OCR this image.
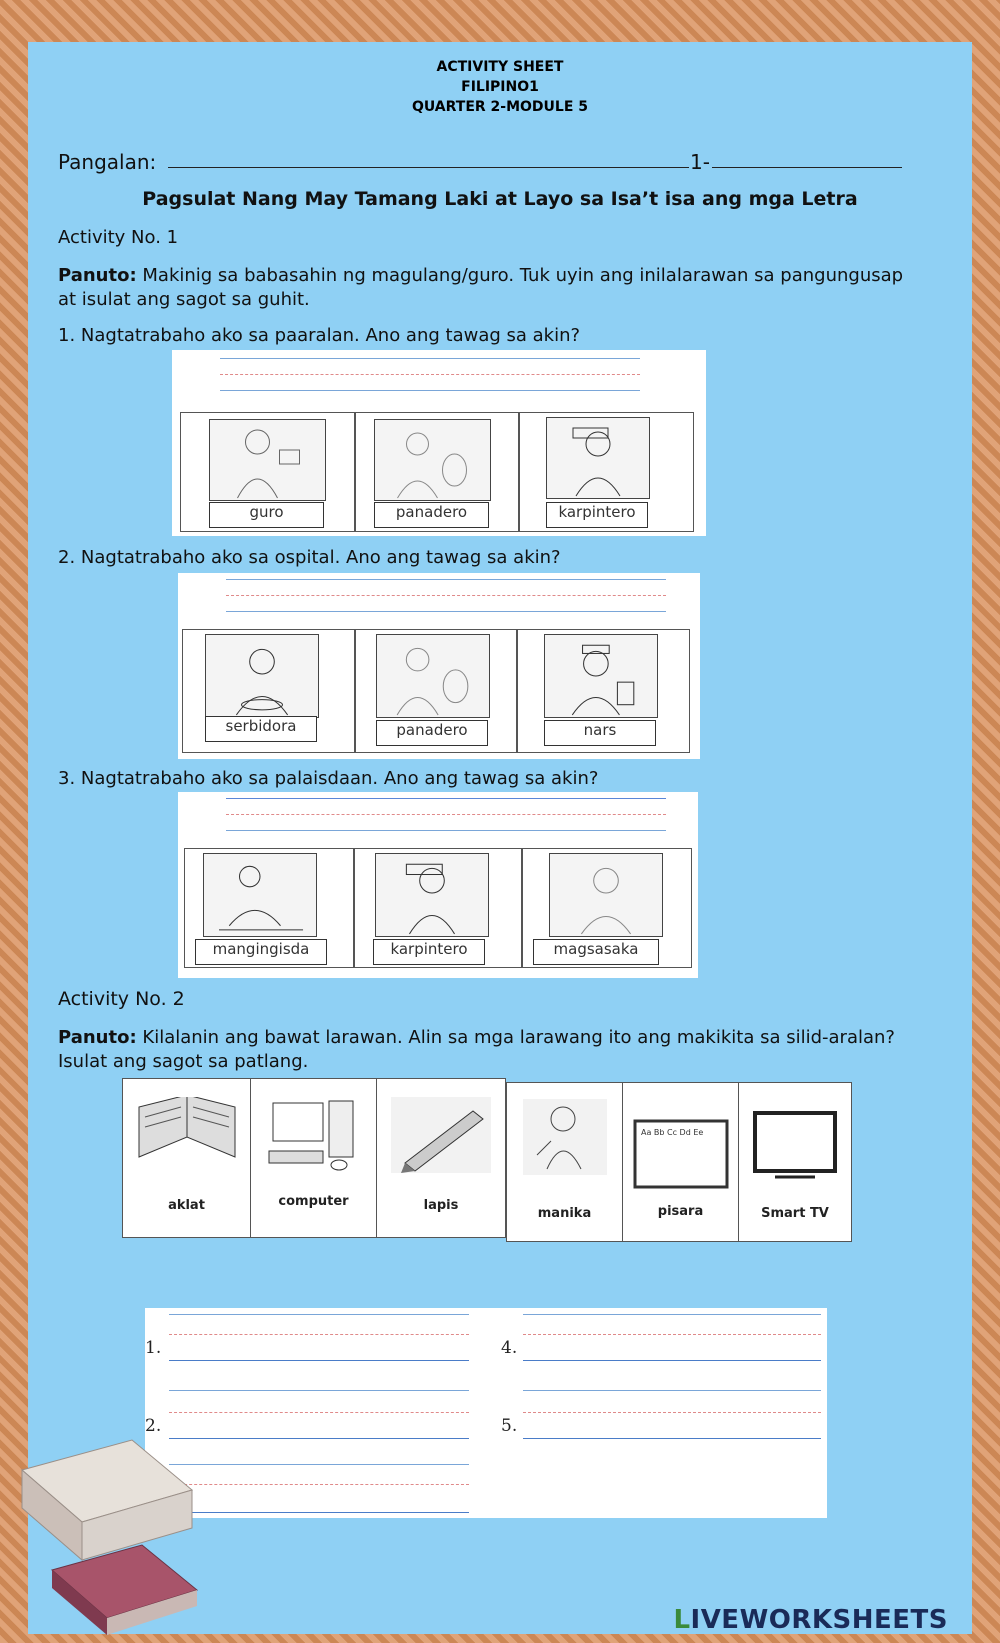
ACTIVITY SHEET
FILIPINO1
QUARTER 2-MODULE 5
Pangalan:	1-
Pagsulat Nang May Tamang Laki at Layo sa Isa’t isa ang mga Letra
Activity No. 1
Panuto: Makinig sa babasahin ng magulang/guro. Tuk uyin ang inilalarawan sa pangungusap at isulat ang sagot sa guhit.
1. Nagtatrabaho ako sa paaralan. Ano ang tawag sa akin?
guro	panadero	karpintero
2. Nagtatrabaho ako sa ospital. Ano ang tawag sa akin?
serbidora	panadero	nars
3. Nagtatrabaho ako sa palaisdaan. Ano ang tawag sa akin?
mangingisda	karpintero	magsasaka
Activity No. 2
Panuto: Kilalanin ang bawat larawan. Alin sa mga larawang ito ang makikita sa silid-aralan? Isulat ang sagot sa patlang.
aklat	computer	lapis
manika
Aa Bb Cc Dd Ee
pisara	Smart TV
1.
2.
4.
5.
LIVEWORKSHEETS
